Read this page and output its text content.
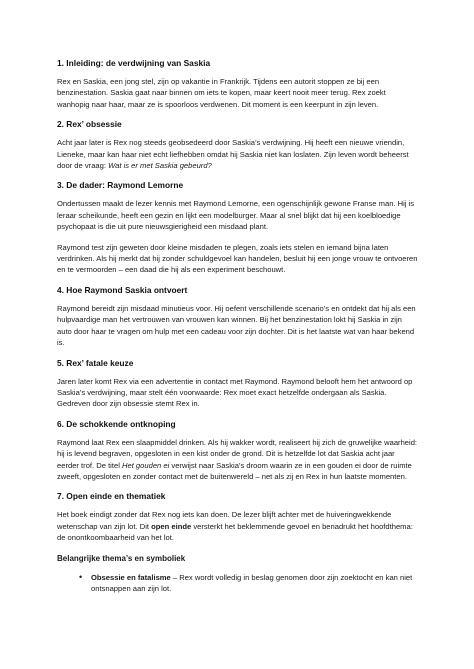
1. Inleiding: de verdwijning van Saskia

Rex en Saskia, een jong stel, zijn op vakantie in Frankrijk. Tijdens een autorit stoppen ze bij een benzinestation. Saskia gaat naar binnen om iets te kopen, maar keert nooit meer terug. Rex zoekt wanhopig naar haar, maar ze is spoorloos verdwenen. Dit moment is een keerpunt in zijn leven.

2. Rex’ obsessie

Acht jaar later is Rex nog steeds geobsedeerd door Saskia’s verdwijning. Hij heeft een nieuwe vriendin, Lieneke, maar kan haar niet echt liefhebben omdat hij Saskia niet kan loslaten. Zijn leven wordt beheerst door de vraag: Wat is er met Saskia gebeurd?

3. De dader: Raymond Lemorne

Ondertussen maakt de lezer kennis met Raymond Lemorne, een ogenschijnlijk gewone Franse man. Hij is leraar scheikunde, heeft een gezin en lijkt een modelburger. Maar al snel blijkt dat hij een koelbloedige psychopaat is die uit pure nieuwsgierigheid een misdaad plant.

Raymond test zijn geweten door kleine misdaden te plegen, zoals iets stelen en iemand bijna laten verdrinken. Als hij merkt dat hij zonder schuldgevoel kan handelen, besluit hij een jonge vrouw te ontvoeren en te vermoorden – een daad die hij als een experiment beschouwt.

4. Hoe Raymond Saskia ontvoert

Raymond bereidt zijn misdaad minutieus voor. Hij oefent verschillende scenario’s en ontdekt dat hij als een hulpvaardige man het vertrouwen van vrouwen kan winnen. Bij het benzinestation lokt hij Saskia in zijn auto door haar te vragen om hulp met een cadeau voor zijn dochter. Dit is het laatste wat van haar bekend is.

5. Rex’ fatale keuze

Jaren later komt Rex via een advertentie in contact met Raymond. Raymond belooft hem het antwoord op Saskia’s verdwijning, maar stelt één voorwaarde: Rex moet exact hetzelfde ondergaan als Saskia. Gedreven door zijn obsessie stemt Rex in.

6. De schokkende ontknoping

Raymond laat Rex een slaapmiddel drinken. Als hij wakker wordt, realiseert hij zich de gruwelijke waarheid: hij is levend begraven, opgesloten in een kist onder de grond. Dit is hetzelfde lot dat Saskia acht jaar eerder trof. De titel Het gouden ei verwijst naar Saskia’s droom waarin ze in een gouden ei door de ruimte zweeft, opgesloten en zonder contact met de buitenwereld – net als zij en Rex in hun laatste momenten.

7. Open einde en thematiek

Het boek eindigt zonder dat Rex nog iets kan doen. De lezer blijft achter met de huiveringwekkende wetenschap van zijn lot. Dit open einde versterkt het beklemmende gevoel en benadrukt het hoofdthema: de onontkoombaarheid van het lot.

Belangrijke thema’s en symboliek
• Obsessie en fatalisme – Rex wordt volledig in beslag genomen door zijn zoektocht en kan niet ontsnappen aan zijn lot.
